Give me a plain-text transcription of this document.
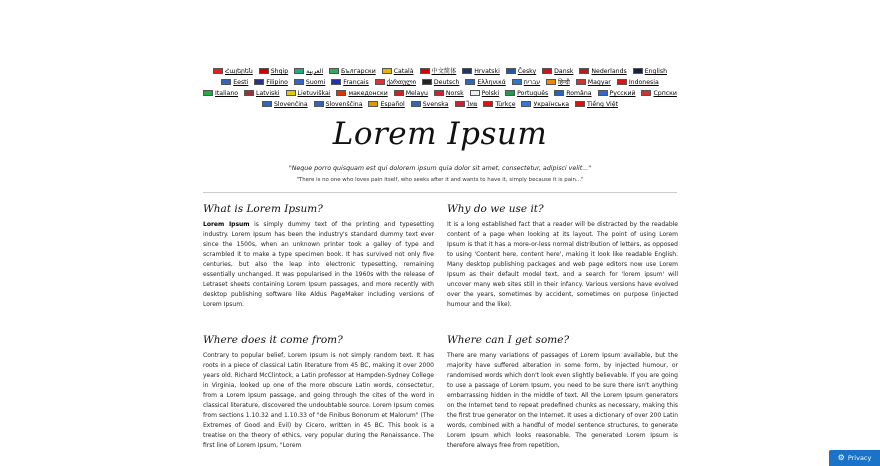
Հայերեն	Shqip	‫العربية	Български	Català	中文简体	Hrvatski	Česky	Dansk	Nederlands	English Eesti	Filipino	Suomi	Français	ქართული	Deutsch	Ελληνικά	‫עברית	हिन्दी	Magyar	Indonesia Italiano	Latviski	Lietuviškai	македонски	Melayu	Norsk	Polski	Português	Româna	Pyccкий	Српски Slovenčina	Slovenščina	Español	Svenska	ไทย	Türkçe	Українська	Tiếng Việt
Lorem Ipsum
"Neque porro quisquam est qui dolorem ipsum quia dolor sit amet, consectetur, adipisci velit..."
"There is no one who loves pain itself, who seeks after it and wants to have it, simply because it is pain..."
What is Lorem Ipsum?

Lorem Ipsum is simply dummy text of the printing and typesetting industry. Lorem Ipsum has been the industry's standard dummy text ever since the 1500s, when an unknown printer took a galley of type and scrambled it to make a type specimen book. It has survived not only five centuries, but also the leap into electronic typesetting, remaining essentially unchanged. It was popularised in the 1960s with the release of Letraset sheets containing Lorem Ipsum passages, and more recently with desktop publishing software like Aldus PageMaker including versions of Lorem Ipsum.

Why do we use it?

It is a long established fact that a reader will be distracted by the readable content of a page when looking at its layout. The point of using Lorem Ipsum is that it has a more-or-less normal distribution of letters, as opposed to using 'Content here, content here', making it look like readable English. Many desktop publishing packages and web page editors now use Lorem Ipsum as their default model text, and a search for 'lorem ipsum' will uncover many web sites still in their infancy. Various versions have evolved over the years, sometimes by accident, sometimes on purpose (injected humour and the like).

Where does it come from?

Contrary to popular belief, Lorem Ipsum is not simply random text. It has roots in a piece of classical Latin literature from 45 BC, making it over 2000 years old. Richard McClintock, a Latin professor at Hampden-Sydney College in Virginia, looked up one of the more obscure Latin words, consectetur, from a Lorem Ipsum passage, and going through the cites of the word in classical literature, discovered the undoubtable source. Lorem Ipsum comes from sections 1.10.32 and 1.10.33 of "de Finibus Bonorum et Malorum" (The Extremes of Good and Evil) by Cicero, written in 45 BC. This book is a treatise on the theory of ethics, very popular during the Renaissance. The first line of Lorem Ipsum, "Lorem

Where can I get some?

There are many variations of passages of Lorem Ipsum available, but the majority have suffered alteration in some form, by injected humour, or randomised words which don't look even slightly believable. If you are going to use a passage of Lorem Ipsum, you need to be sure there isn't anything embarrassing hidden in the middle of text. All the Lorem Ipsum generators on the Internet tend to repeat predefined chunks as necessary, making this the first true generator on the Internet. It uses a dictionary of over 200 Latin words, combined with a handful of model sentence structures, to generate Lorem Ipsum which looks reasonable. The generated Lorem Ipsum is therefore always free from repetition,

⚙ Privacy
